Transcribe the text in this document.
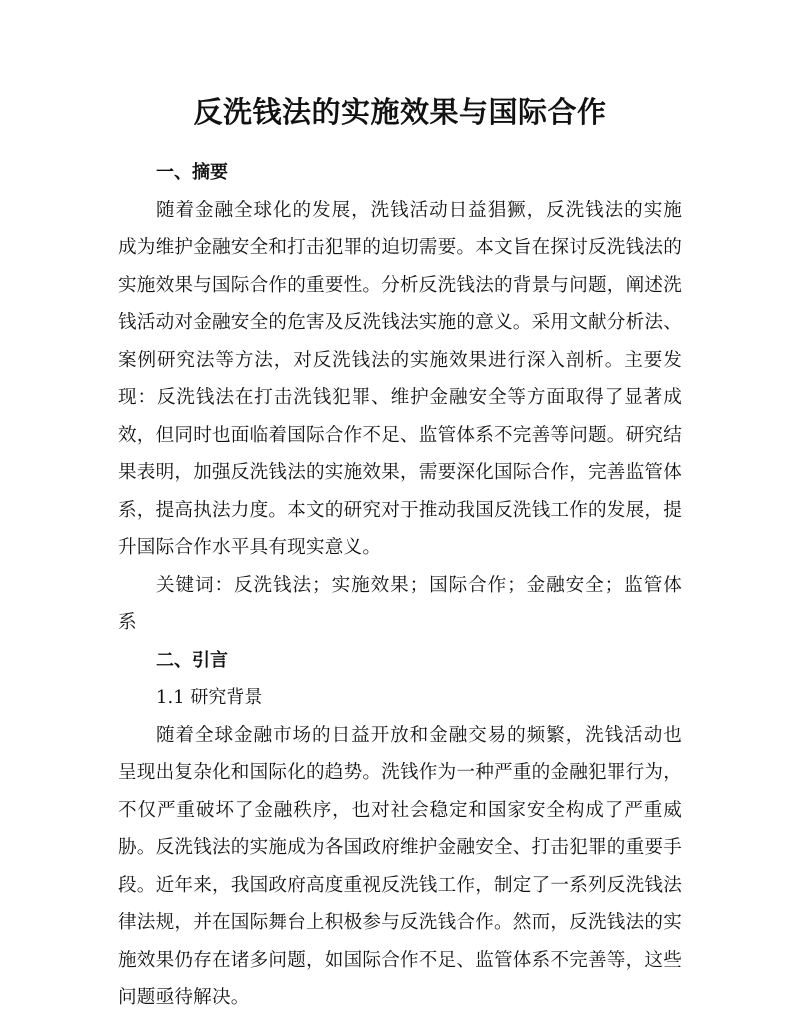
反洗钱法的实施效果与国际合作

一、摘要

随着金融全球化的发展，洗钱活动日益猖獗，反洗钱法的实施成为维护金融安全和打击犯罪的迫切需要。本文旨在探讨反洗钱法的实施效果与国际合作的重要性。分析反洗钱法的背景与问题，阐述洗钱活动对金融安全的危害及反洗钱法实施的意义。采用文献分析法、案例研究法等方法，对反洗钱法的实施效果进行深入剖析。主要发现：反洗钱法在打击洗钱犯罪、维护金融安全等方面取得了显著成效，但同时也面临着国际合作不足、监管体系不完善等问题。研究结果表明，加强反洗钱法的实施效果，需要深化国际合作，完善监管体系，提高执法力度。本文的研究对于推动我国反洗钱工作的发展，提升国际合作水平具有现实意义。

关键词：反洗钱法；实施效果；国际合作；金融安全；监管体系

二、引言

1.1 研究背景

随着全球金融市场的日益开放和金融交易的频繁，洗钱活动也呈现出复杂化和国际化的趋势。洗钱作为一种严重的金融犯罪行为，不仅严重破坏了金融秩序，也对社会稳定和国家安全构成了严重威胁。反洗钱法的实施成为各国政府维护金融安全、打击犯罪的重要手段。近年来，我国政府高度重视反洗钱工作，制定了一系列反洗钱法律法规，并在国际舞台上积极参与反洗钱合作。然而，反洗钱法的实施效果仍存在诸多问题，如国际合作不足、监管体系不完善等，这些问题亟待解决。
